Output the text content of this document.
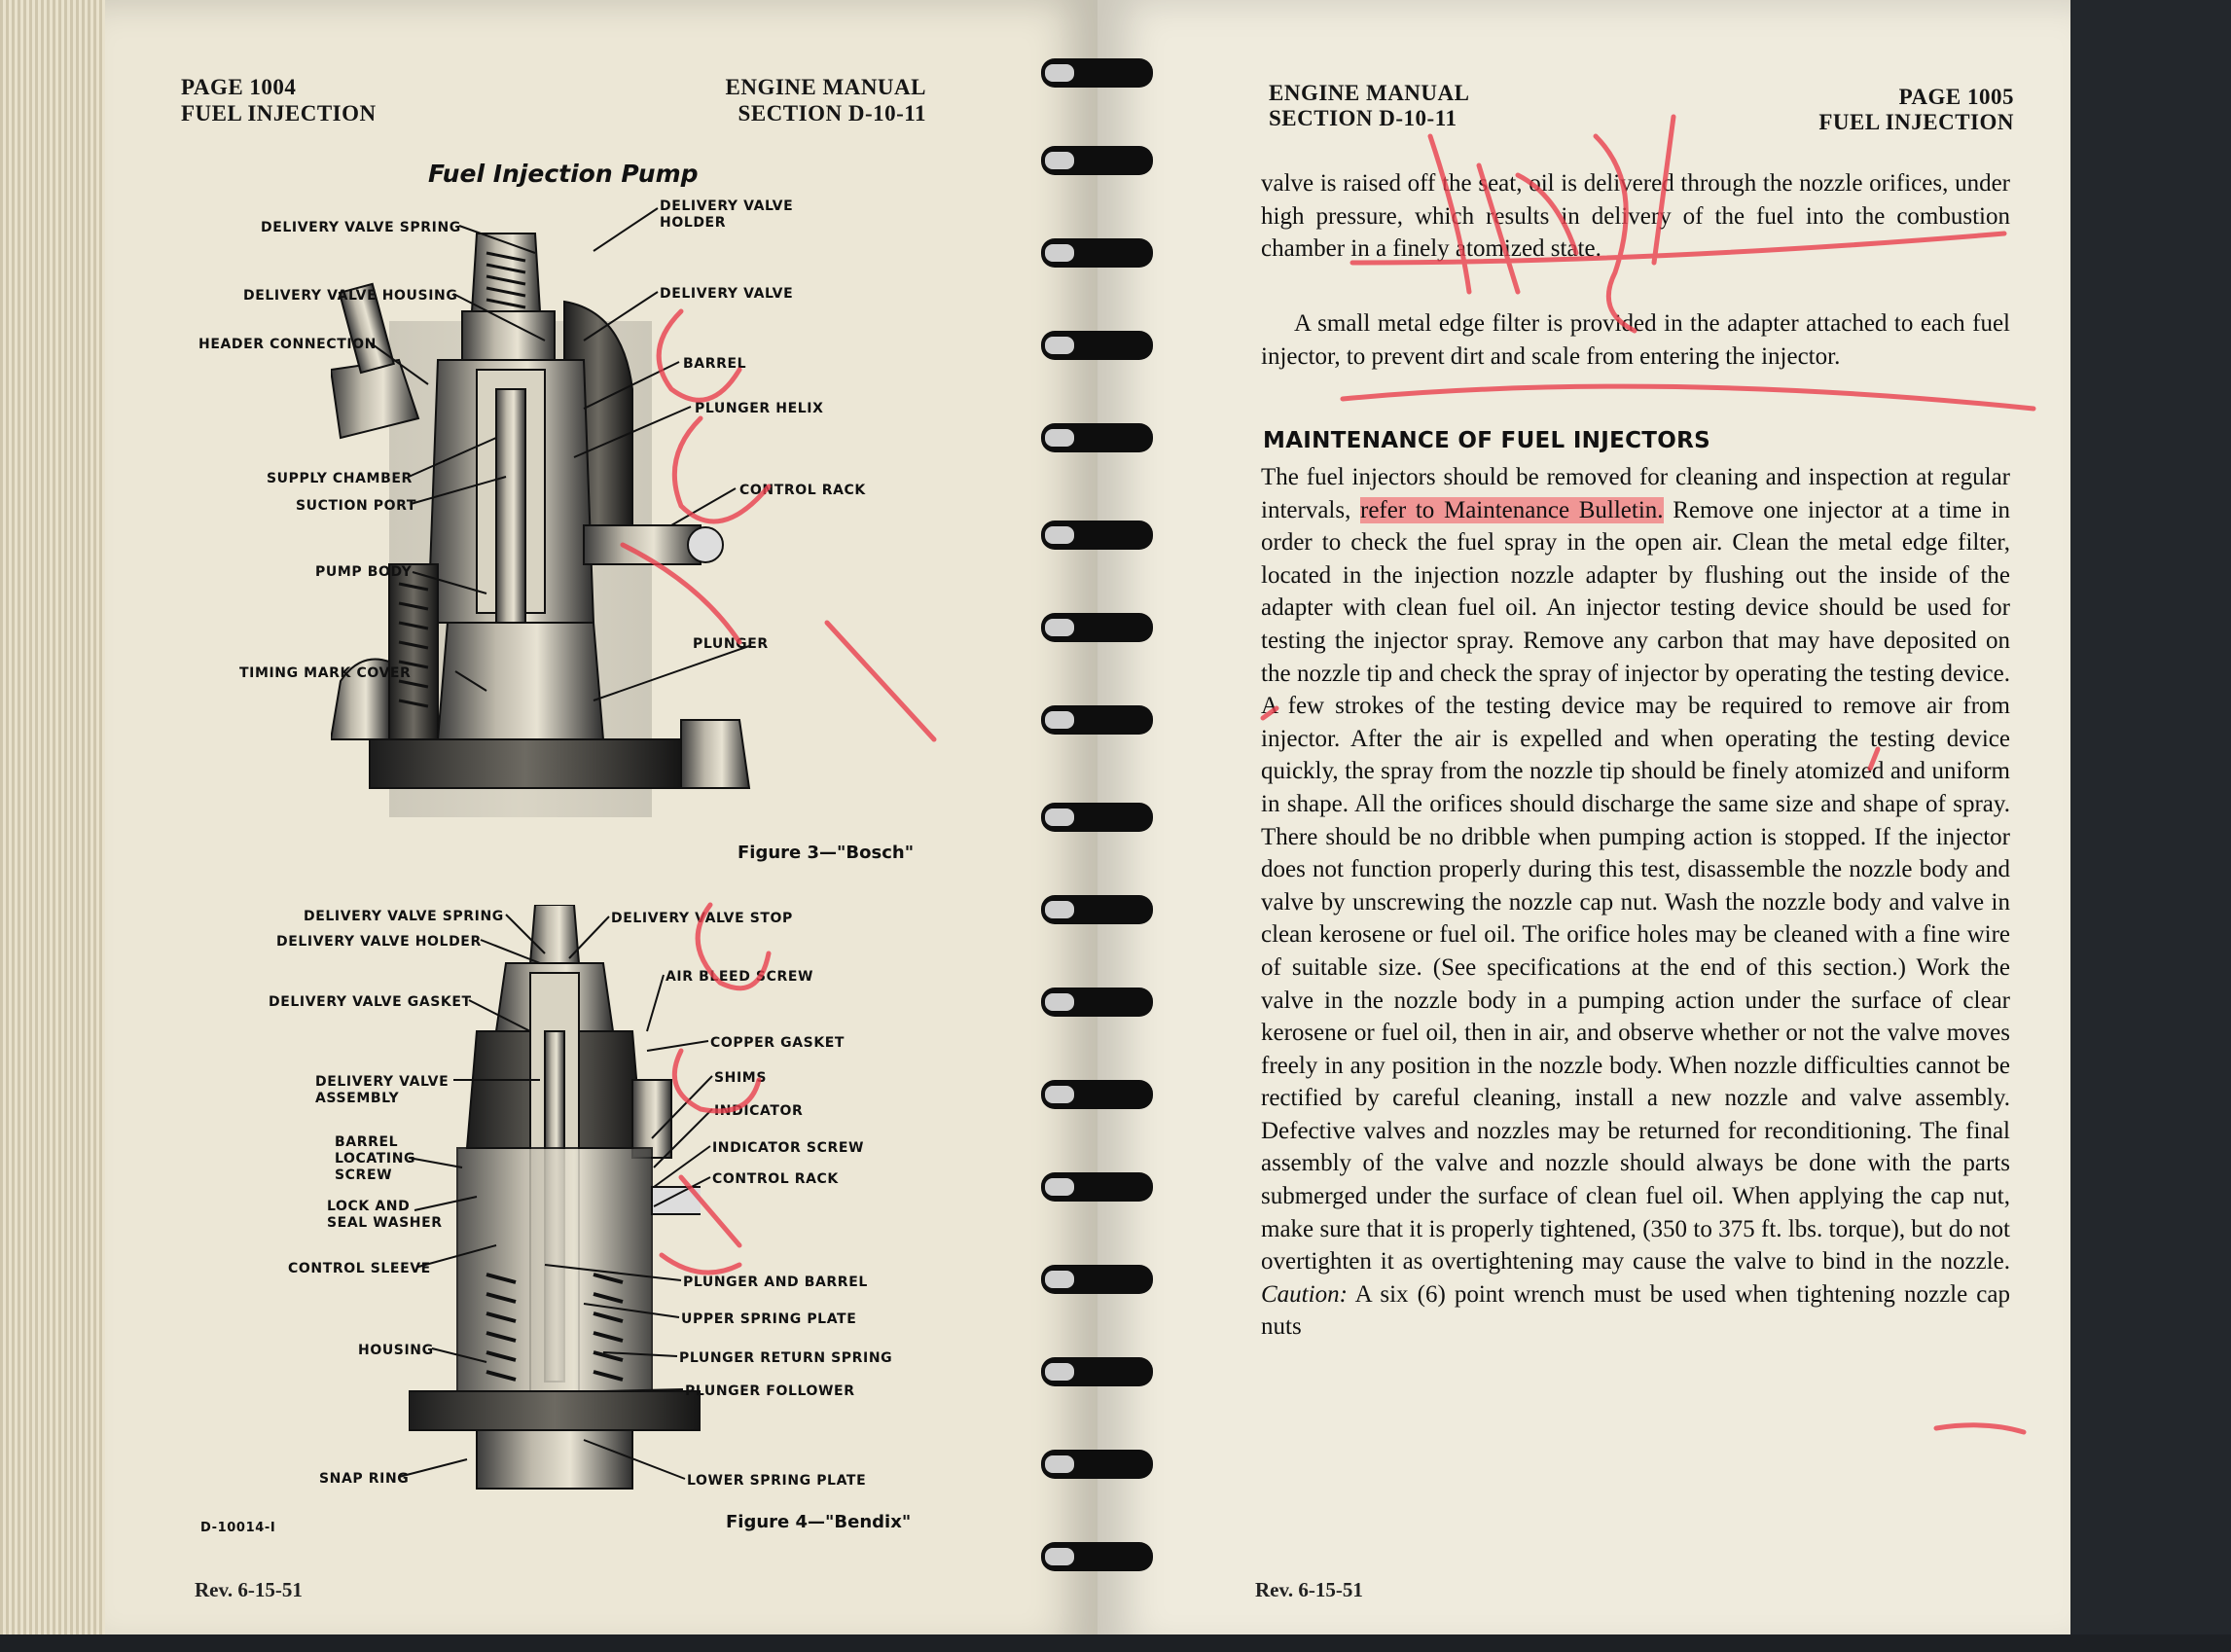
PAGE 1004
FUEL INJECTION
ENGINE MANUAL
SECTION D-10-11
Fuel Injection Pump
DELIVERY VALVE SPRING
DELIVERY VALVE
HOLDER
DELIVERY VALVE HOUSING	DELIVERY VALVE
HEADER CONNECTION
BARREL
PLUNGER HELIX
SUPPLY CHAMBER
SUCTION PORT
CONTROL RACK
PUMP BODY
PLUNGER
TIMING MARK COVER
Figure 3—"Bosch"
DELIVERY VALVE SPRING	DELIVERY VALVE STOP
DELIVERY VALVE HOLDER
AIR BLEED SCREW
DELIVERY VALVE GASKET
COPPER GASKET
DELIVERY VALVE
ASSEMBLY
SHIMS
INDICATOR
BARREL
LOCATING
SCREW
INDICATOR SCREW
CONTROL RACK
LOCK AND
SEAL WASHER
CONTROL SLEEVE
PLUNGER AND BARREL
UPPER SPRING PLATE
HOUSING	PLUNGER RETURN SPRING
PLUNGER FOLLOWER
SNAP RING	LOWER SPRING PLATE
D-10014-I	Figure 4—"Bendix"
Rev. 6-15-51
ENGINE MANUAL
SECTION D-10-11
PAGE 1005
FUEL INJECTION

valve is raised off the seat, oil is delivered through the nozzle orifices, under high pressure, which results in delivery of the fuel into the combustion chamber in a finely atomized state.

A small metal edge filter is provided in the adapter attached to each fuel injector, to prevent dirt and scale from entering the injector.

MAINTENANCE OF FUEL INJECTORS

The fuel injectors should be removed for cleaning and inspection at regular intervals, refer to Maintenance Bulletin. Remove one injector at a time in order to check the fuel spray in the open air. Clean the metal edge filter, located in the injection nozzle adapter by flushing out the inside of the adapter with clean fuel oil. An injector testing device should be used for testing the injector spray. Remove any carbon that may have deposited on the nozzle tip and check the spray of injector by operating the testing device. A few strokes of the testing device may be required to remove air from injector. After the air is expelled and when operating the testing device quickly, the spray from the nozzle tip should be finely atomized and uniform in shape. All the orifices should discharge the same size and shape of spray. There should be no dribble when pumping action is stopped. If the injector does not function properly during this test, disassemble the nozzle body and valve by unscrewing the nozzle cap nut. Wash the nozzle body and valve in clean kerosene or fuel oil. The orifice holes may be cleaned with a fine wire of suitable size. (See specifications at the end of this section.) Work the valve in the nozzle body in a pumping action under the surface of clear kerosene or fuel oil, then in air, and observe whether or not the valve moves freely in any position in the nozzle body. When nozzle difficulties cannot be rectified by careful cleaning, install a new nozzle and valve assembly. Defective valves and nozzles may be returned for reconditioning. The final assembly of the valve and nozzle should always be done with the parts submerged under the surface of clean fuel oil. When applying the cap nut, make sure that it is properly tightened, (350 to 375 ft. lbs. torque), but do not overtighten it as overtightening may cause the valve to bind in the nozzle. Caution: A six (6) point wrench must be used when tightening nozzle cap nuts

Rev. 6-15-51
